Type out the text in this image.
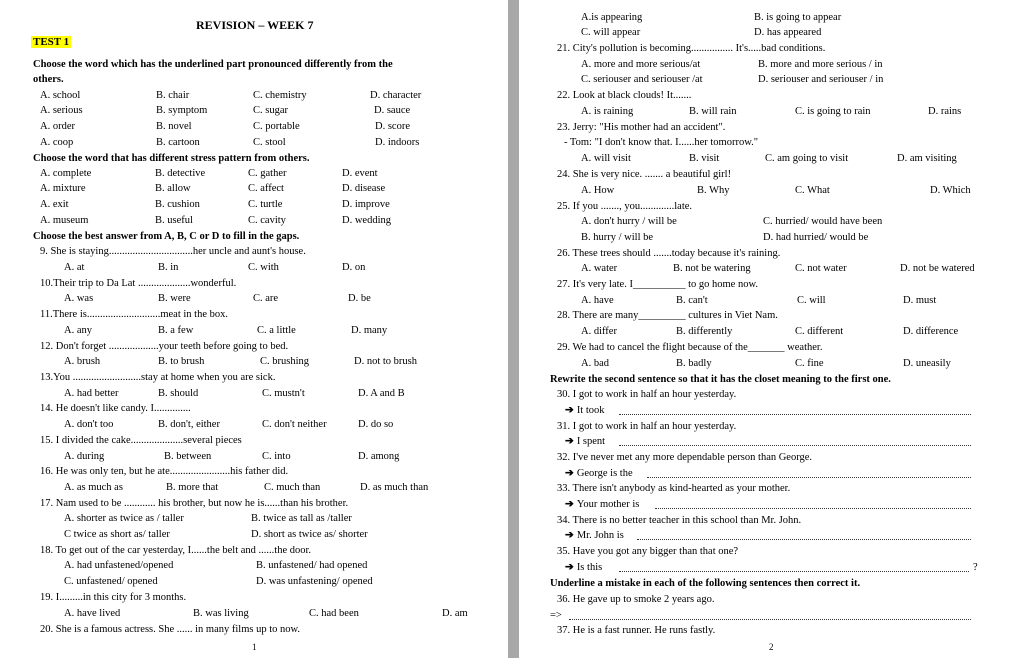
REVISION – WEEK 7
TEST 1
Choose the word which has the underlined part pronounced differently from the
others.
A. school	B. chair	C. chemistry	D. character
A. serious	B. symptom	C. sugar	D. sauce
A. order	B. novel	C. portable	D. score
A. coop	B. cartoon	C. stool	D. indoors
Choose the word that has different stress pattern from others.
A. complete	B. detective	C. gather	D. event
A. mixture	B. allow	C. affect	D. disease
A. exit	B. cushion	C. turtle	D. improve
A. museum	B. useful	C. cavity	D. wedding
Choose the best answer from A, B, C or D to fill in the gaps.
9. She is staying................................her uncle and aunt's house.
A. at	B. in	C. with	D. on
10.Their trip to Da Lat ....................wonderful.
A. was	B. were	C. are	D. be
11.There is............................meat in the box.
A. any	B. a few	C. a little	D. many
12. Don't forget ...................your teeth before going to bed.
A. brush	B. to brush	C. brushing	D. not to brush
13.You ..........................stay at home when you are sick.
A. had better	B. should	C. mustn't	D. A and B
14. He doesn't like candy. I..............
A. don't too	B. don't, either	C. don't neither	D. do so
15. I divided the cake....................several pieces
A. during	B. between	C. into	D. among
16. He was only ten, but he ate.......................his father did.
A. as much as	B. more that	C. much than	D. as much than
17. Nam used to be ............ his brother, but now he is......than his brother.
A. shorter as twice as / taller	B. twice as tall as /taller
C twice as short as/ taller	D. short as twice as/ shorter
18. To get out of the car yesterday, I......the belt and ......the door.
A. had unfastened/opened	B. unfastened/ had opened
C. unfastened/ opened	D. was unfastening/ opened
19. I.........in this city for 3 months.
A. have lived	B. was living	C. had been	D. am
20. She is a famous actress. She ...... in many films up to now.
1
A.is appearing	B. is going to appear
C. will appear	D. has appeared
21. City's pollution is becoming................ It's.....bad conditions.
A. more and more serious/at	B. more and more serious / in
C. seriouser and seriouser /at	D. seriouser and seriouser / in
22. Look at black clouds! It.......
A. is raining	B. will rain	C. is going to rain	D. rains
23. Jerry: "His mother had an accident".
- Tom: "I don't know that. I......her tomorrow."
A. will visit	B. visit	C. am going to visit	D. am visiting
24. She is very nice. ....... a beautiful girl!
A. How	B. Why	C. What	D. Which
25. If you ......., you.............late.
A. don't hurry / will be	C. hurried/ would have been
B. hurry / will be	D. had hurried/ would be
26. These trees should .......today because it's raining.
A. water	B. not be watering	C. not water	D. not be watered
27. It's very late. I__________ to go home now.
A. have	B. can't	C. will	D. must
28. There are many_________ cultures in Viet Nam.
A. differ	B. differently	C. different	D. difference
29. We had to cancel the flight because of the_______ weather.
A. bad	B. badly	C. fine	D. uneasily
Rewrite the second sentence so that it has the closet meaning to the first one.
30. I got to work in half an hour yesterday.
➔ It took
31. I got to work in half an hour yesterday.
➔ I spent
32. I've never met any more dependable person than George.
➔ George is the
33. There isn't anybody as kind-hearted as your mother.
➔ Your mother is
34. There is no better teacher in this school than Mr. John.
➔ Mr. John is
35. Have you got any bigger than that one?
➔ Is this	?
Underline a mistake in each of the following sentences then correct it.
36. He gave up to smoke 2 years ago.
=>
37. He is a fast runner. He runs fastly.
2
